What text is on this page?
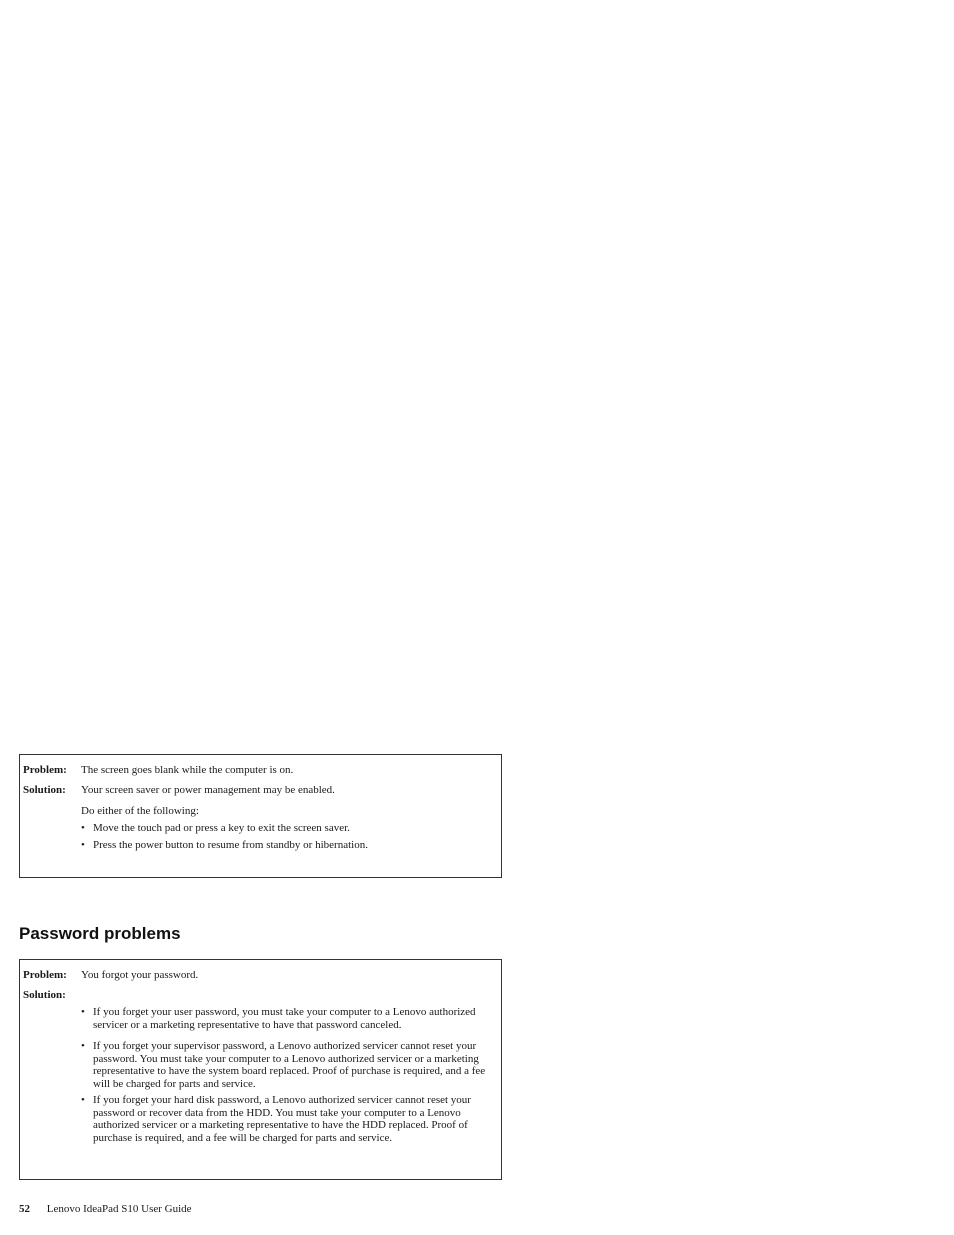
Problem:	The screen goes blank while the computer is on.
Solution:	Your screen saver or power management may be enabled.
Do either of the following:
• Move the touch pad or press a key to exit the screen saver.
• Press the power button to resume from standby or hibernation.
Password problems
Problem:	You forgot your password.
Solution:
• If you forget your user password, you must take your computer to a Lenovo authorized servicer or a marketing representative to have that password canceled.
• If you forget your supervisor password, a Lenovo authorized servicer cannot reset your password. You must take your computer to a Lenovo authorized servicer or a marketing representative to have the system board replaced. Proof of purchase is required, and a fee will be charged for parts and service.
• If you forget your hard disk password, a Lenovo authorized servicer cannot reset your password or recover data from the HDD. You must take your computer to a Lenovo authorized servicer or a marketing representative to have the HDD replaced. Proof of purchase is required, and a fee will be charged for parts and service.
52 Lenovo IdeaPad S10 User Guide
